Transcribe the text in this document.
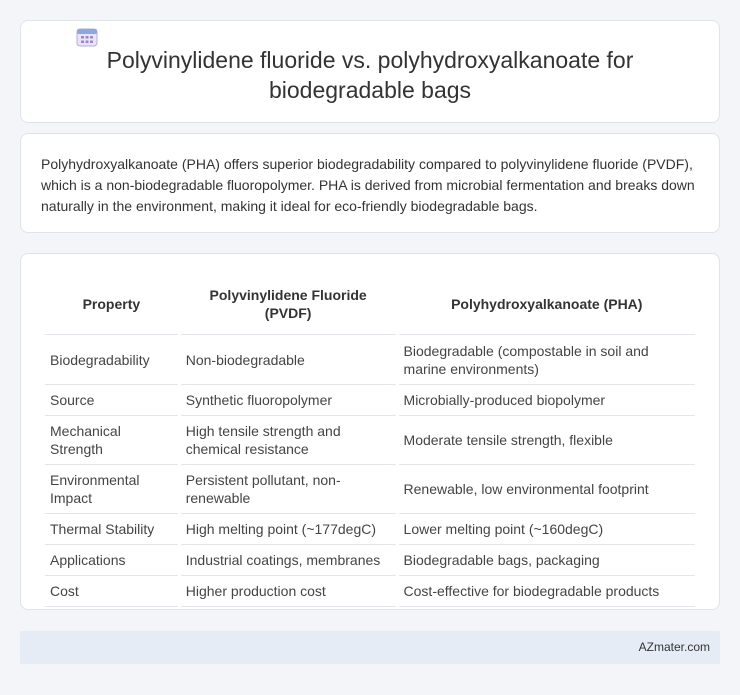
Polyvinylidene fluoride vs. polyhydroxyalkanoate for biodegradable bags

Polyhydroxyalkanoate (PHA) offers superior biodegradability compared to polyvinylidene fluoride (PVDF), which is a non-biodegradable fluoropolymer. PHA is derived from microbial fermentation and breaks down naturally in the environment, making it ideal for eco-friendly biodegradable bags.

Property	Polyvinylidene Fluoride (PVDF)	Polyhydroxyalkanoate (PHA)
Biodegradability	Non-biodegradable	Biodegradable (compostable in soil and marine environments)
Source	Synthetic fluoropolymer	Microbially-produced biopolymer
Mechanical Strength	High tensile strength and chemical resistance	Moderate tensile strength, flexible
Environmental Impact	Persistent pollutant, non-renewable	Renewable, low environmental footprint
Thermal Stability	High melting point (~177degC)	Lower melting point (~160degC)
Applications	Industrial coatings, membranes	Biodegradable bags, packaging
Cost	Higher production cost	Cost-effective for biodegradable products
AZmater.com
